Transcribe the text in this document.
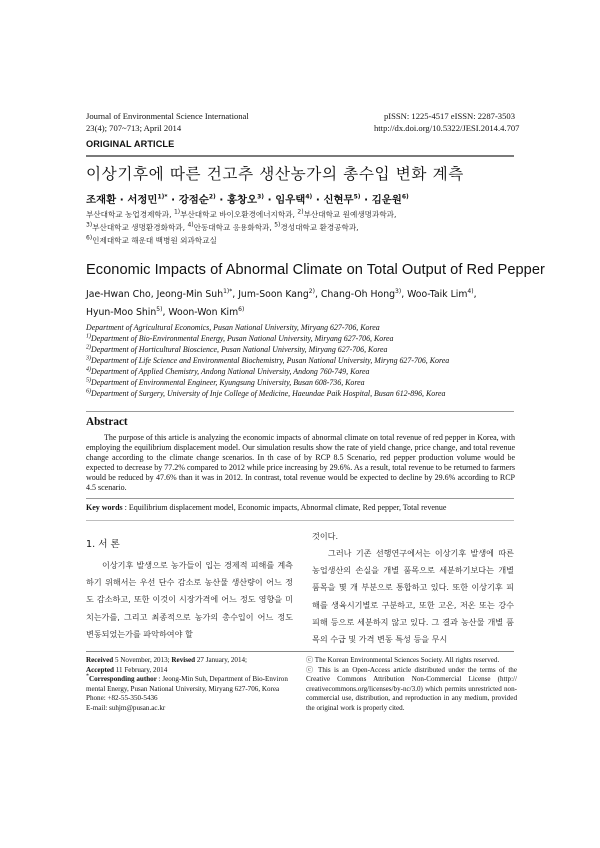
Journal of Environmental Science International
23(4); 707~713; April 2014
pISSN: 1225-4517 eISSN: 2287-3503
http://dx.doi.org/10.5322/JESI.2014.4.707
ORIGINAL ARTICLE
이상기후에 따른 건고추 생산농가의 총수입 변화 계측
조재환 · 서정민$^{1)*}$ · 강점순$^{2)}$ · 홍창오$^{3)}$ · 임우택$^{4)}$ · 신현무$^{5)}$ · 김운원$^{6)}$
부산대학교 농업경제학과, $^{1)}$부산대학교 바이오환경에너지학과, $^{2)}$부산대학교 원예생명과학과,
$^{3)}$부산대학교 생명환경화학과, $^{4)}$안동대학교 응용화학과, $^{5)}$경성대학교 환경공학과,
$^{6)}$인제대학교 해운대 백병원 외과학교실
Economic Impacts of Abnormal Climate on Total Output of Red Pepper
Jae-Hwan Cho, Jeong-Min Suh$^{1)*}$, Jum-Soon Kang$^{2)}$, Chang-Oh Hong$^{3)}$, Woo-Taik Lim$^{4)}$,
Hyun-Moo Shin$^{5)}$, Woon-Won Kim$^{6)}$
Department of Agricultural Economics, Pusan National University, Miryang 627-706, Korea
$^{1)}$Department of Bio-Environmental Energy, Pusan National University, Miryang 627-706, Korea
$^{2)}$Department of Horticultural Bioscience, Pusan National University, Miryang 627-706, Korea
$^{3)}$Department of Life Science and Environmental Biochemistry, Pusan National University, Miryng 627-706, Korea
$^{4)}$Department of Applied Chemistry, Andong National University, Andong 760-749, Korea
$^{5)}$Department of Environmental Engineer, Kyungsung University, Busan 608-736, Korea
$^{6)}$Department of Surgery, University of Inje College of Medicine, Haeundae Paik Hospital, Busan 612-896, Korea
Abstract
The purpose of this article is analyzing the economic impacts of abnormal climate on total revenue of red pepper in Korea, with employing the equilibrium displacement model. Our simulation results show the rate of yield change, price change, and total revenue change according to the climate change scenarios. In th case of by RCP 8.5 Scenario, red pepper production volume would be expected to decrease by 77.2% compared to 2012 while price increasing by 29.6%. As a result, total revenue to be returned to farmers would be reduced by 47.6% than it was in 2012. In contrast, total revenue would be expected to decline by 29.6% according to RCP 4.5 scenario.
Key words : Equilibrium displacement model, Economic impacts, Abnormal climate, Red pepper, Total revenue
1. 서 론
이상기후 발생으로 농가들이 입는 경제적 피해를 계측하기 위해서는 우선 단수 감소로 농산물 생산량이 어느 정도 감소하고, 또한 이것이 시장가격에 어느 정도 영향을 미치는가를, 그리고 최종적으로 농가의 총수입이 어느 정도 변동되었는가를 파악하여야 할
것이다.
그러나 기존 선행연구에서는 이상기후 발생에 따른 농업생산의 손실을 개별 품목으로 세분하기보다는 개별 품목을 몇 개 부분으로 통합하고 있다. 또한 이상기후 피해를 생육시기별로 구분하고, 또한 고온, 저온 또는 강수 피해 등으로 세분하지 않고 있다. 그 결과 농산물 개별 품목의 수급 및 가격 변동 특성 등을 무시
Received 5 November, 2013; Revised 27 January, 2014;
Accepted 11 February, 2014
*Corresponding author : Jeong-Min Suh, Department of Bio-Environ mental Energy, Pusan National University, Miryang 627-706, Korea
Phone: +82-55-350-5436
E-mail: suhjm@pusan.ac.kr
ⓒ The Korean Environmental Sciences Society. All rights reserved.
ⓒ This is an Open-Access article distributed under the terms of the Creative Commons Attribution Non-Commercial License (http:// creativecommons.org/licenses/by-nc/3.0) which permits unrestricted non-commercial use, distribution, and reproduction in any medium, provided the original work is properly cited.
